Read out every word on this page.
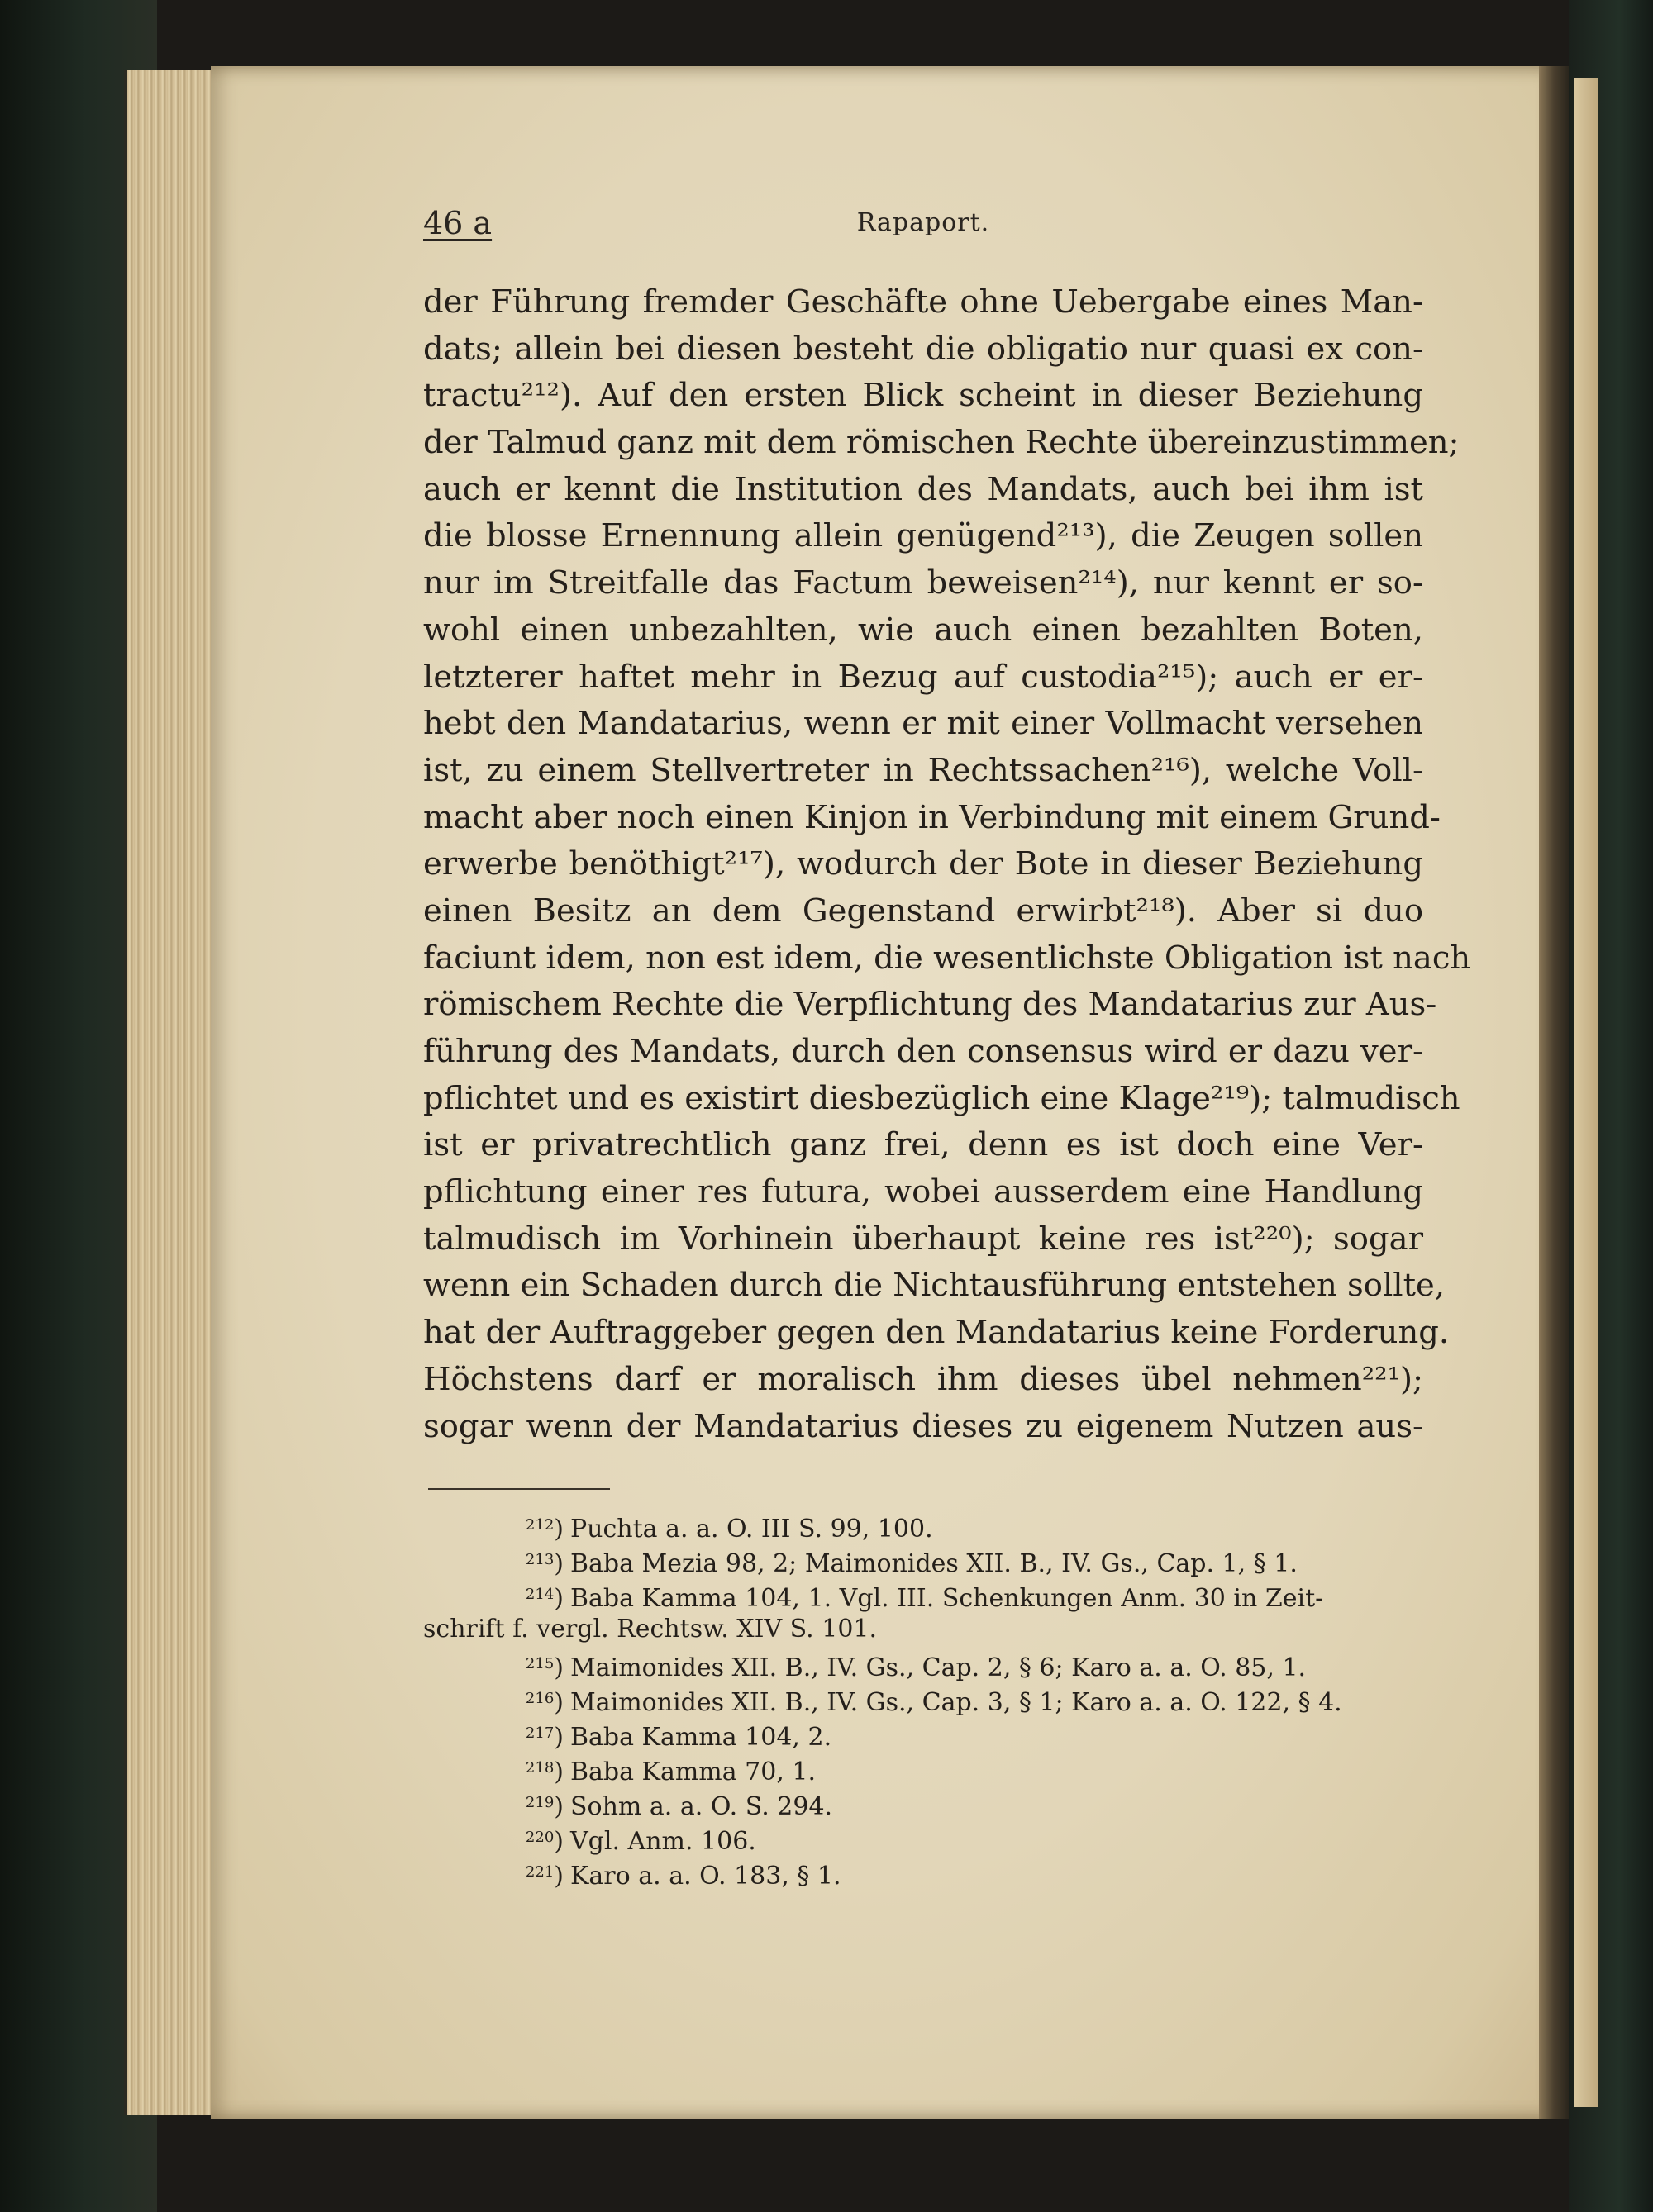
46 a	Rapaport.
der Führung fremder Geschäfte ohne Uebergabe eines Man-
dats; allein bei diesen besteht die obligatio nur quasi ex con-
tractu²¹²). Auf den ersten Blick scheint in dieser Beziehung
der Talmud ganz mit dem römischen Rechte übereinzustimmen;
auch er kennt die Institution des Mandats, auch bei ihm ist
die blosse Ernennung allein genügend²¹³), die Zeugen sollen
nur im Streitfalle das Factum beweisen²¹⁴), nur kennt er so-
wohl einen unbezahlten, wie auch einen bezahlten Boten,
letzterer haftet mehr in Bezug auf custodia²¹⁵); auch er er-
hebt den Mandatarius, wenn er mit einer Vollmacht versehen
ist, zu einem Stellvertreter in Rechtssachen²¹⁶), welche Voll-
macht aber noch einen Kinjon in Verbindung mit einem Grund-
erwerbe benöthigt²¹⁷), wodurch der Bote in dieser Beziehung
einen Besitz an dem Gegenstand erwirbt²¹⁸). Aber si duo
faciunt idem, non est idem, die wesentlichste Obligation ist nach
römischem Rechte die Verpflichtung des Mandatarius zur Aus-
führung des Mandats, durch den consensus wird er dazu ver-
pflichtet und es existirt diesbezüglich eine Klage²¹⁹); talmudisch
ist er privatrechtlich ganz frei, denn es ist doch eine Ver-
pflichtung einer res futura, wobei ausserdem eine Handlung
talmudisch im Vorhinein überhaupt keine res ist²²⁰); sogar
wenn ein Schaden durch die Nichtausführung entstehen sollte,
hat der Auftraggeber gegen den Mandatarius keine Forderung.
Höchstens darf er moralisch ihm dieses übel nehmen²²¹);
sogar wenn der Mandatarius dieses zu eigenem Nutzen aus-
$^{212}$) Puchta a. a. O. III S. 99, 100.
$^{213}$) Baba Mezia 98, 2; Maimonides XII. B., IV. Gs., Cap. 1, § 1.
$^{214}$) Baba Kamma 104, 1. Vgl. III. Schenkungen Anm. 30 in Zeit-
schrift f. vergl. Rechtsw. XIV S. 101.
$^{215}$) Maimonides XII. B., IV. Gs., Cap. 2, § 6; Karo a. a. O. 85, 1.
$^{216}$) Maimonides XII. B., IV. Gs., Cap. 3, § 1; Karo a. a. O. 122, § 4.
$^{217}$) Baba Kamma 104, 2.
$^{218}$) Baba Kamma 70, 1.
$^{219}$) Sohm a. a. O. S. 294.
$^{220}$) Vgl. Anm. 106.
$^{221}$) Karo a. a. O. 183, § 1.
